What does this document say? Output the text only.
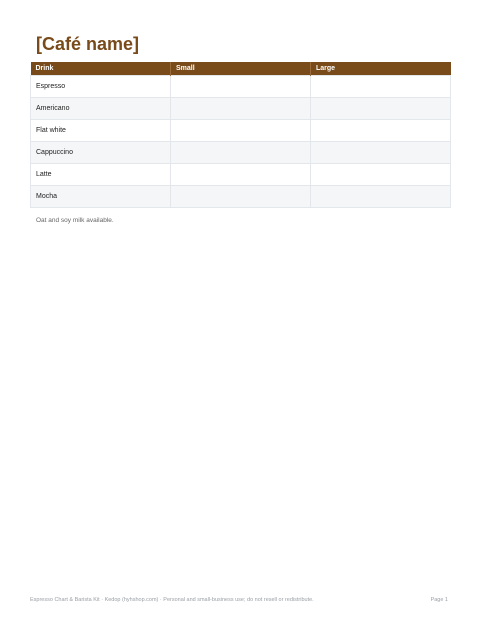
[Café name]
Drink	Small	Large
Espresso		
Americano		
Flat white		
Cappuccino		
Latte		
Mocha		
Oat and soy milk available.
Espresso Chart & Barista Kit · Kedop (hyhshop.com) · Personal and small-business use; do not resell or redistribute.	Page 1
